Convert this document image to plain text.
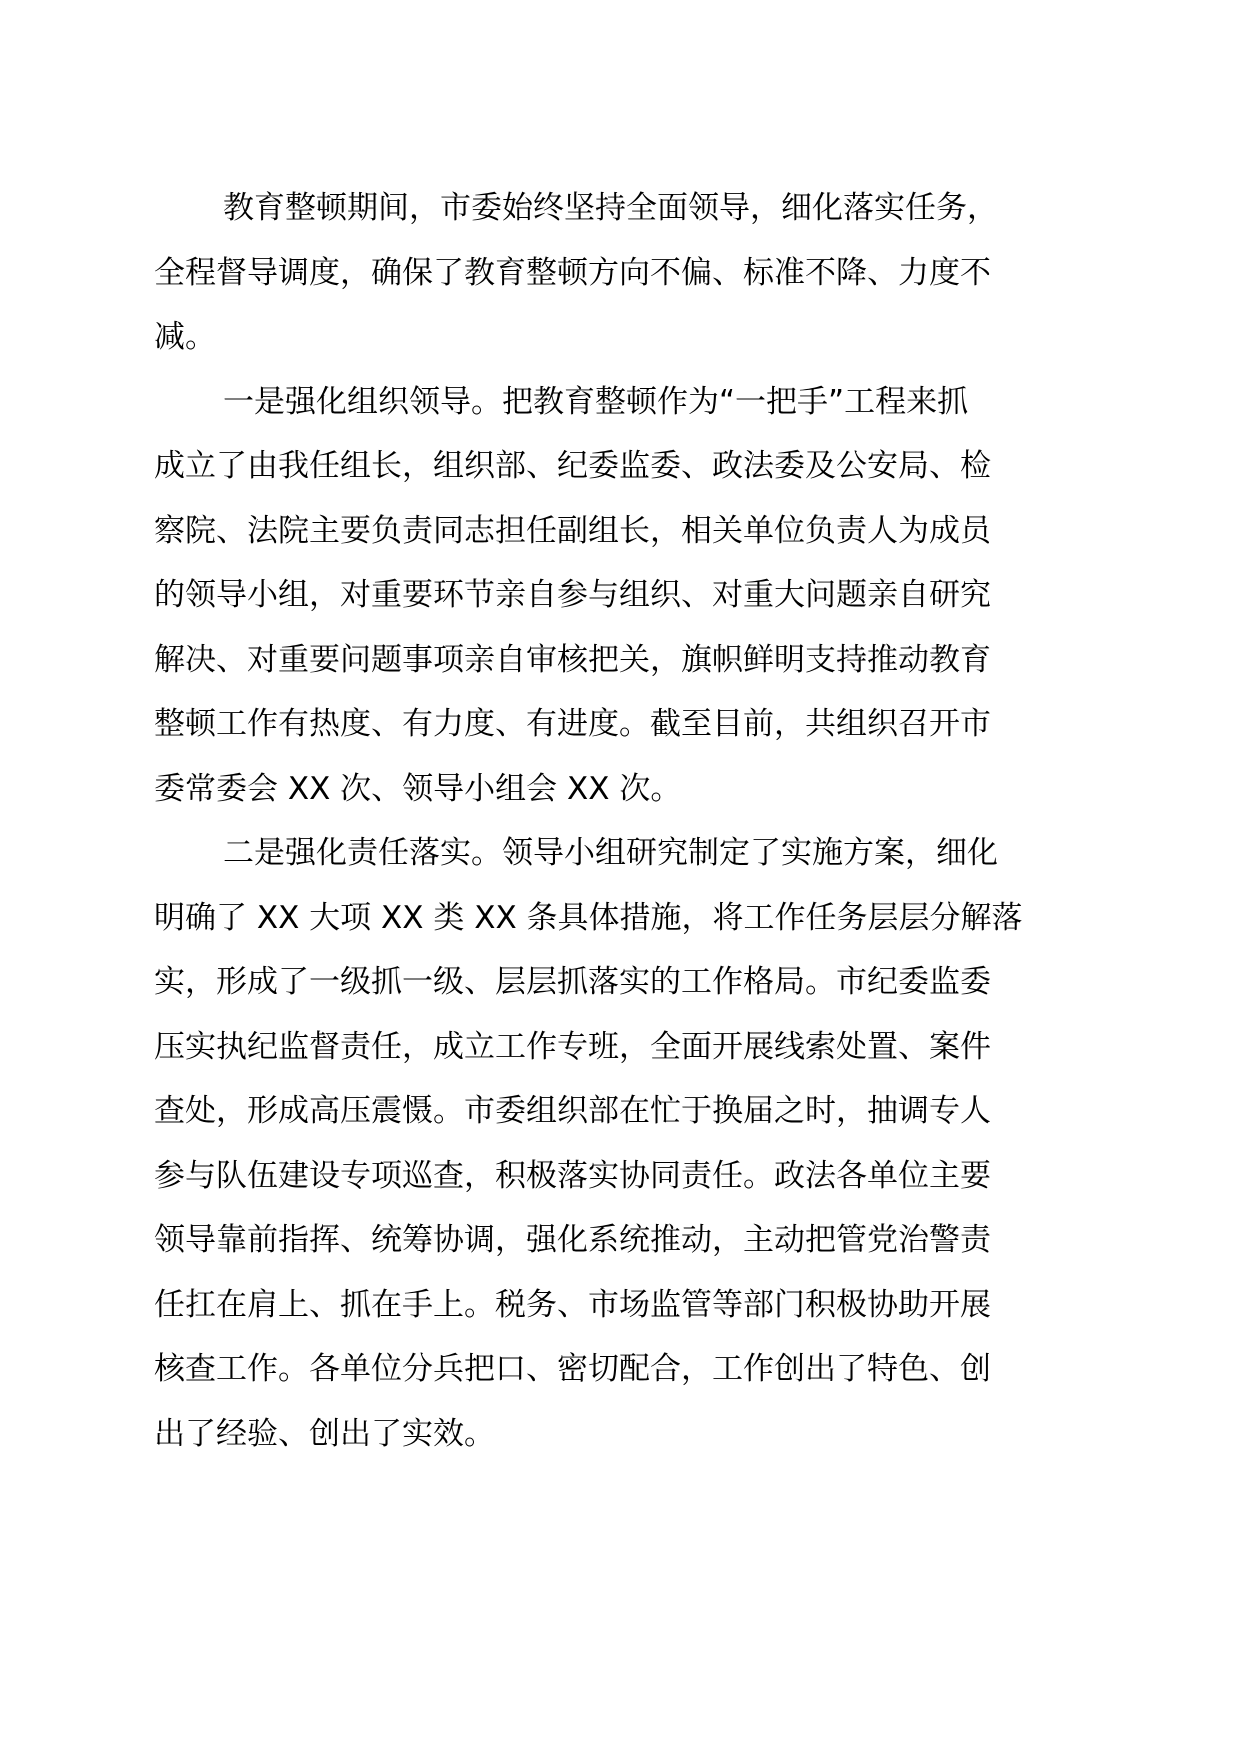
教育整顿期间，市委始终坚持全面领导，细化落实任务，
全程督导调度，确保了教育整顿方向不偏、标准不降、力度不
减。

一是强化组织领导。把教育整顿作为“一把手”工程来抓
成立了由我任组长，组织部、纪委监委、政法委及公安局、检
察院、法院主要负责同志担任副组长，相关单位负责人为成员
的领导小组，对重要环节亲自参与组织、对重大问题亲自研究
解决、对重要问题事项亲自审核把关，旗帜鲜明支持推动教育
整顿工作有热度、有力度、有进度。截至目前，共组织召开市
委常委会 XX 次、领导小组会 XX 次。

二是强化责任落实。领导小组研究制定了实施方案，细化
明确了 XX 大项 XX 类 XX 条具体措施，将工作任务层层分解落
实，形成了一级抓一级、层层抓落实的工作格局。市纪委监委
压实执纪监督责任，成立工作专班，全面开展线索处置、案件
查处，形成高压震慑。市委组织部在忙于换届之时，抽调专人
参与队伍建设专项巡查，积极落实协同责任。政法各单位主要
领导靠前指挥、统筹协调，强化系统推动，主动把管党治警责
任扛在肩上、抓在手上。税务、市场监管等部门积极协助开展
核查工作。各单位分兵把口、密切配合，工作创出了特色、创
出了经验、创出了实效。
